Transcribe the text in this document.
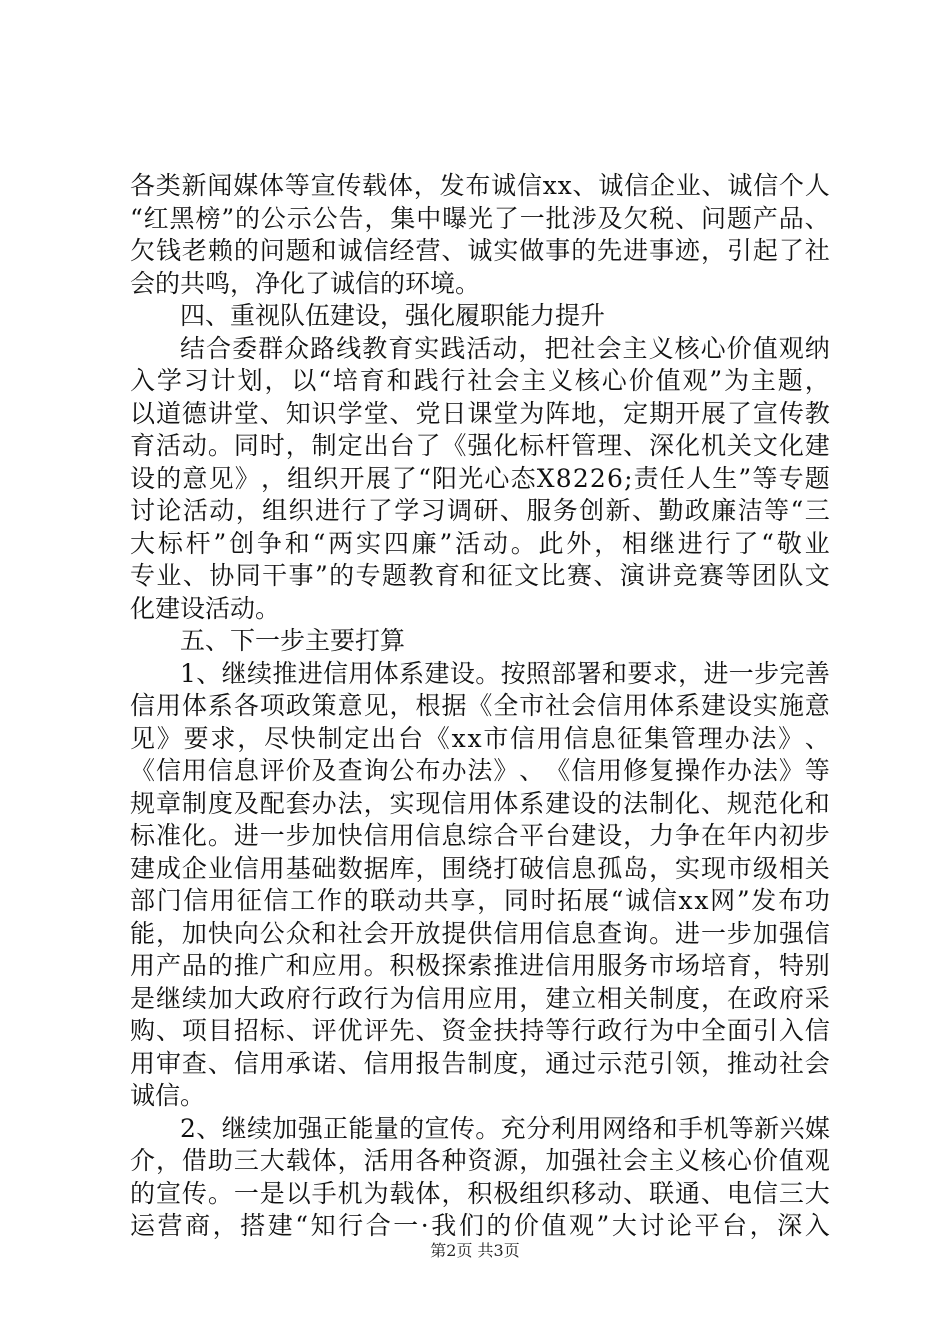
各 类 新 闻 媒 体 等 宣 传 载 体 ， 发 布 诚 信 x x 、 诚 信 企 业 、 诚 信 个 人
“ 红 黑 榜 ” 的 公 示 公 告 ， 集 中 曝 光 了 一 批 涉 及 欠 税 、 问 题 产 品 、
欠 钱 老 赖 的 问 题 和 诚 信 经 营 、 诚 实 做 事 的 先 进 事 迹 ， 引 起 了 社
会的共鸣，净化了诚信的环境。
四、重视队伍建设，强化履职能力提升
结 合 委 群 众 路 线 教 育 实 践 活 动 ， 把 社 会 主 义 核 心 价 值 观 纳
入 学 习 计 划 ， 以 “ 培 育 和 践 行 社 会 主 义 核 心 价 值 观 ” 为 主 题 ，
以 道 德 讲 堂 、 知 识 学 堂 、 党 日 课 堂 为 阵 地 ， 定 期 开 展 了 宣 传 教
育 活 动 。 同 时 ， 制 定 出 台 了 《 强 化 标 杆 管 理 、 深 化 机 关 文 化 建
设 的 意 见 》 ， 组 织 开 展 了 “ 阳 光 心 态 X 8 2 2 6 ; 责 任 人 生 ” 等 专 题
讨 论 活 动 ， 组 织 进 行 了 学 习 调 研 、 服 务 创 新 、 勤 政 廉 洁 等 “ 三
大 标 杆 ” 创 争 和 “ 两 实 四 廉 ” 活 动 。 此 外 ， 相 继 进 行 了 “ 敬 业
专 业 、 协 同 干 事 ” 的 专 题 教 育 和 征 文 比 赛 、 演 讲 竞 赛 等 团 队 文
化建设活动。
五、下一步主要打算
1 、 继 续 推 进 信 用 体 系 建 设 。 按 照 部 署 和 要 求 ， 进 一 步 完 善
信 用 体 系 各 项 政 策 意 见 ， 根 据 《 全 市 社 会 信 用 体 系 建 设 实 施 意
见 》 要 求 ， 尽 快 制 定 出 台 《 x x 市 信 用 信 息 征 集 管 理 办 法 》 、
《 信 用 信 息 评 价 及 查 询 公 布 办 法 》 、 《 信 用 修 复 操 作 办 法 》 等
规 章 制 度 及 配 套 办 法 ， 实 现 信 用 体 系 建 设 的 法 制 化 、 规 范 化 和
标 准 化 。 进 一 步 加 快 信 用 信 息 综 合 平 台 建 设 ， 力 争 在 年 内 初 步
建 成 企 业 信 用 基 础 数 据 库 ， 围 绕 打 破 信 息 孤 岛 ， 实 现 市 级 相 关
部 门 信 用 征 信 工 作 的 联 动 共 享 ， 同 时 拓 展 “ 诚 信 x x 网 ” 发 布 功
能 ， 加 快 向 公 众 和 社 会 开 放 提 供 信 用 信 息 查 询 。 进 一 步 加 强 信
用 产 品 的 推 广 和 应 用 。 积 极 探 索 推 进 信 用 服 务 市 场 培 育 ， 特 别
是 继 续 加 大 政 府 行 政 行 为 信 用 应 用 ， 建 立 相 关 制 度 ， 在 政 府 采
购 、 项 目 招 标 、 评 优 评 先 、 资 金 扶 持 等 行 政 行 为 中 全 面 引 入 信
用 审 查 、 信 用 承 诺 、 信 用 报 告 制 度 ， 通 过 示 范 引 领 ， 推 动 社 会
诚信。
2 、 继 续 加 强 正 能 量 的 宣 传 。 充 分 利 用 网 络 和 手 机 等 新 兴 媒
介 ， 借 助 三 大 载 体 ， 活 用 各 种 资 源 ， 加 强 社 会 主 义 核 心 价 值 观
的 宣 传 。 一 是 以 手 机 为 载 体 ， 积 极 组 织 移 动 、 联 通 、 电 信 三 大
运 营 商 ， 搭 建 “ 知 行 合 一 · 我 们 的 价 值 观 ” 大 讨 论 平 台 ， 深 入
第2页 共3页
